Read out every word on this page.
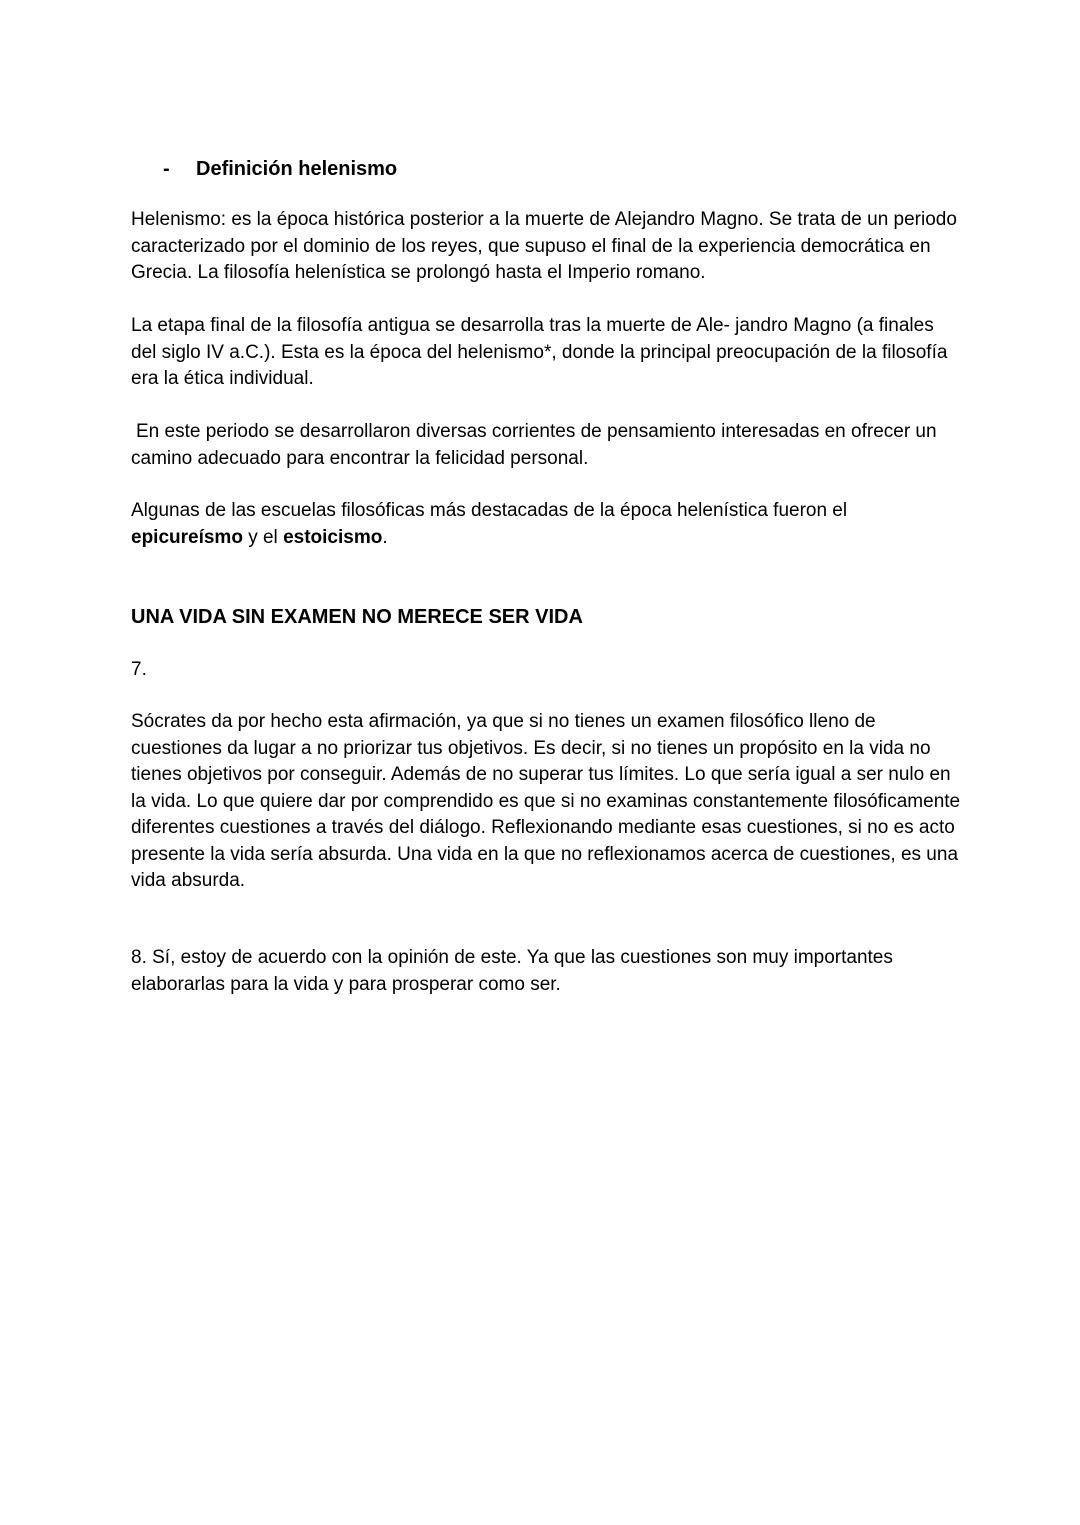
- Definición helenismo

Helenismo: es la época histórica posterior a la muerte de Alejandro Magno. Se trata de un periodo caracterizado por el dominio de los reyes, que supuso el final de la experiencia democrática en Grecia. La filosofía helenística se prolongó hasta el Imperio romano.

La etapa final de la filosofía antigua se desarrolla tras la muerte de Ale- jandro Magno (a finales del siglo IV a.C.). Esta es la época del helenismo*, donde la principal preocupación de la filosofía era la ética individual.

En este periodo se desarrollaron diversas corrientes de pensamiento interesadas en ofrecer un camino adecuado para encontrar la felicidad personal.

Algunas de las escuelas filosóficas más destacadas de la época helenística fueron el epicureísmo y el estoicismo.

UNA VIDA SIN EXAMEN NO MERECE SER VIDA

7.

Sócrates da por hecho esta afirmación, ya que si no tienes un examen filosófico lleno de cuestiones da lugar a no priorizar tus objetivos. Es decir, si no tienes un propósito en la vida no tienes objetivos por conseguir. Además de no superar tus límites. Lo que sería igual a ser nulo en la vida. Lo que quiere dar por comprendido es que si no examinas constantemente filosóficamente diferentes cuestiones a través del diálogo. Reflexionando mediante esas cuestiones, si no es acto presente la vida sería absurda. Una vida en la que no reflexionamos acerca de cuestiones, es una vida absurda.

8. Sí, estoy de acuerdo con la opinión de este. Ya que las cuestiones son muy importantes elaborarlas para la vida y para prosperar como ser.
